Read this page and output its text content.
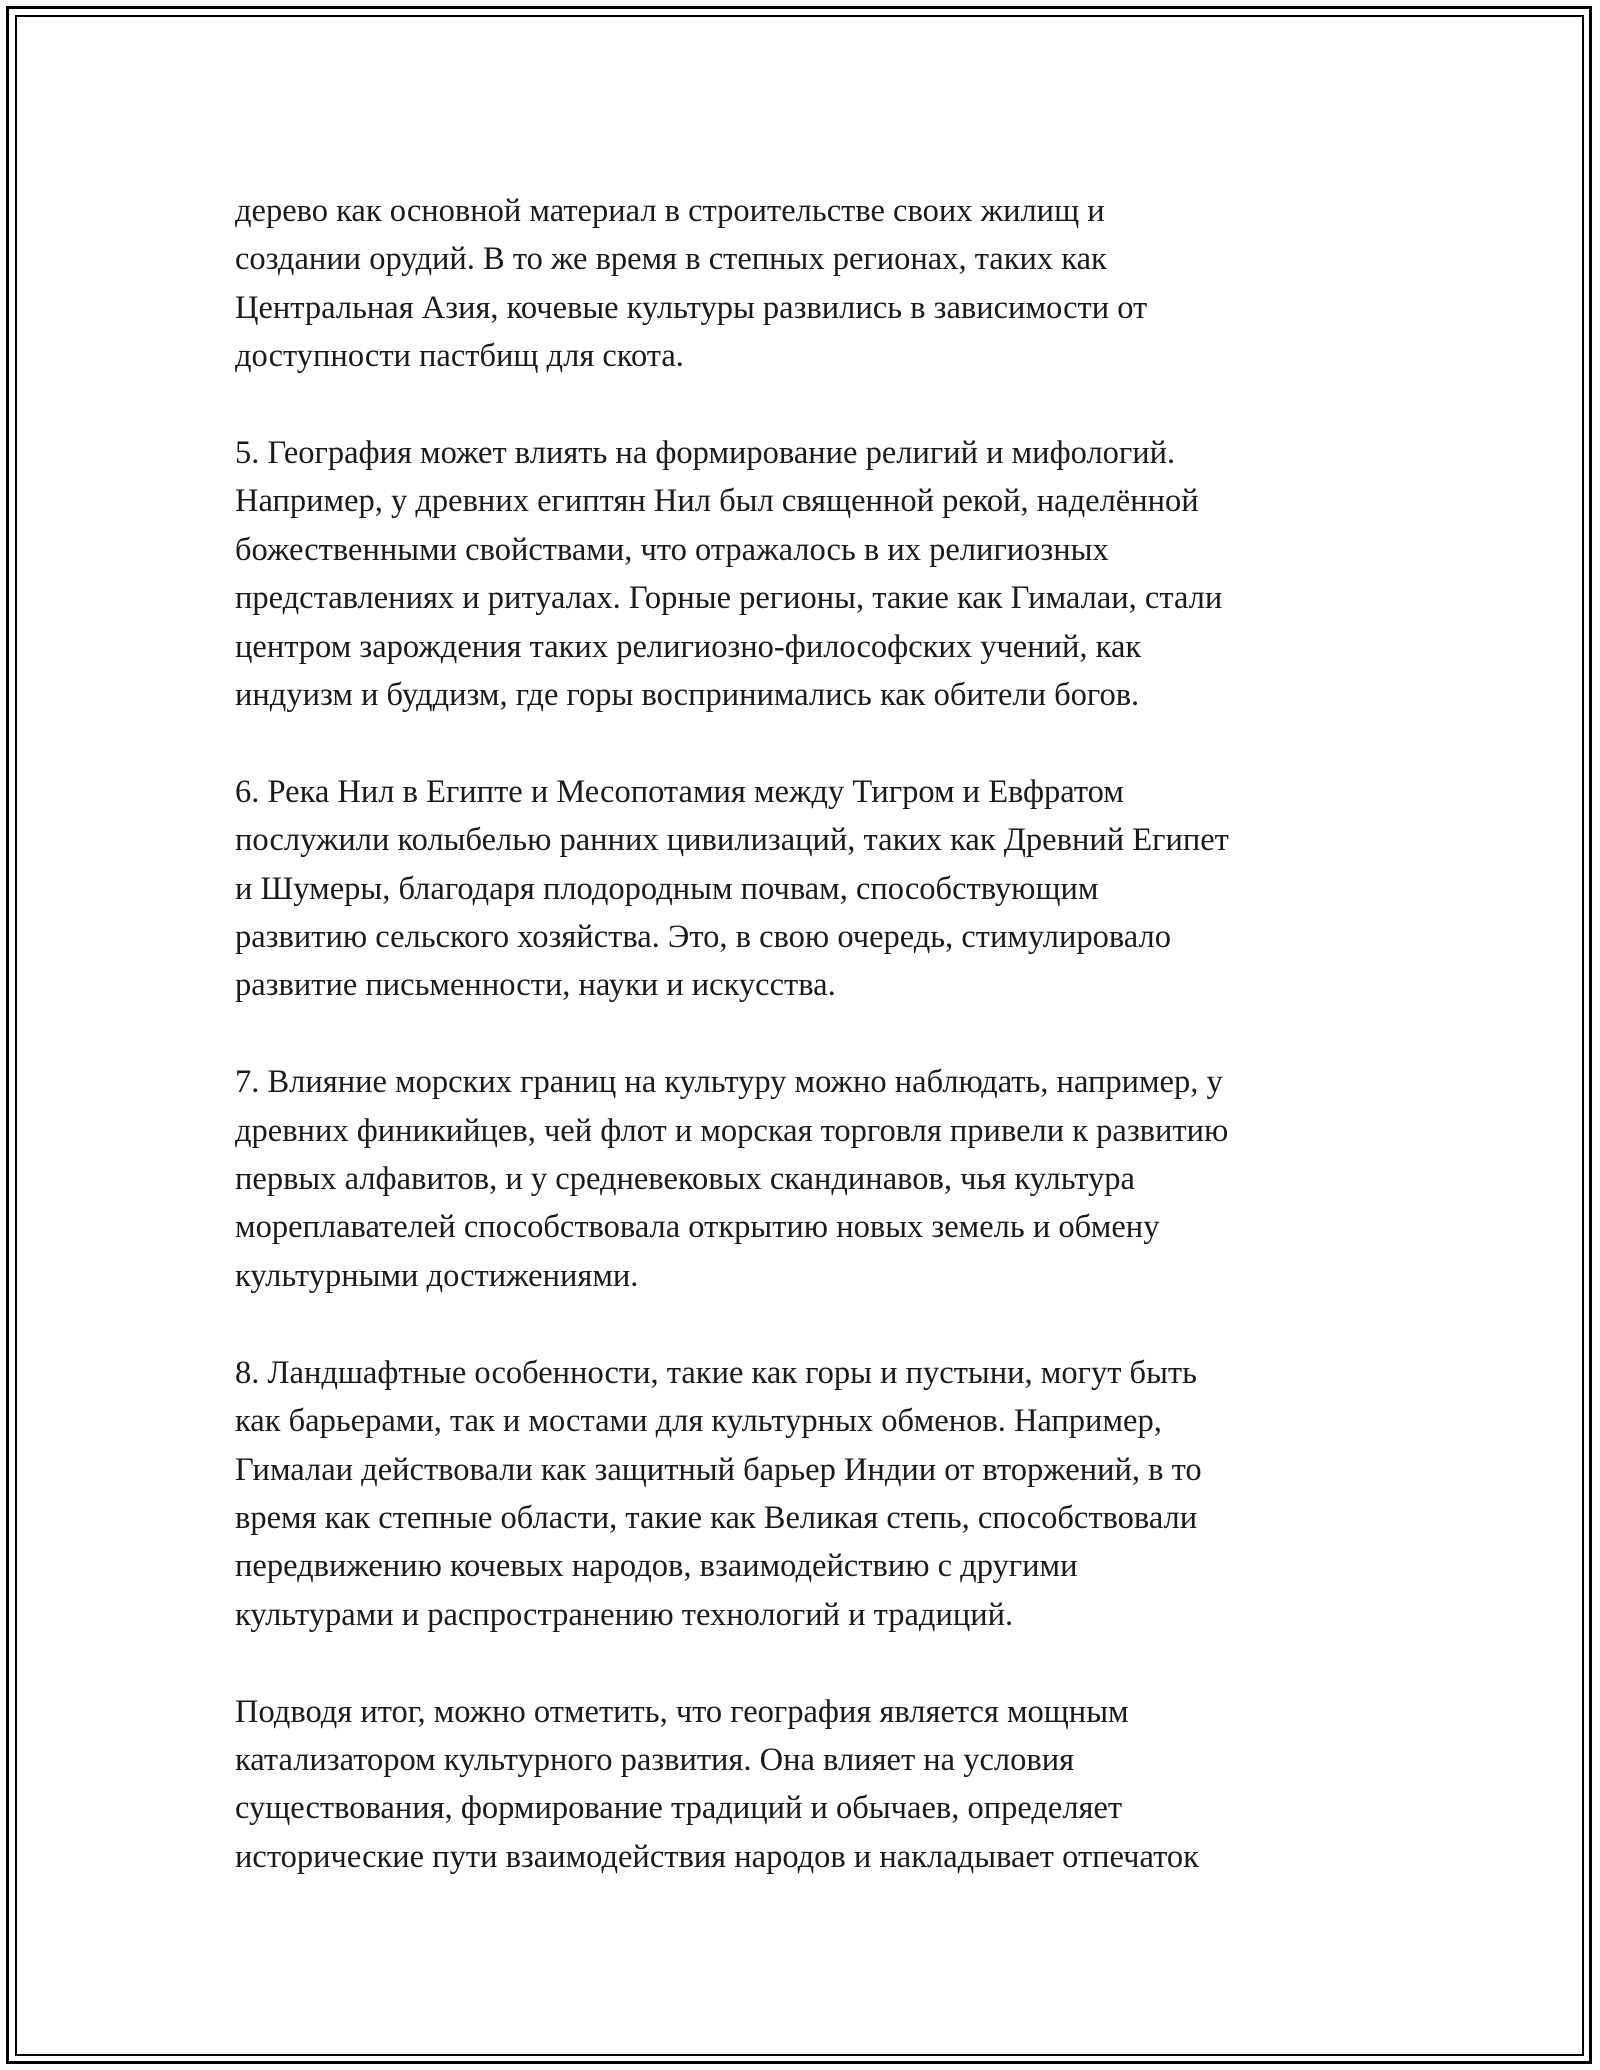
дерево как основной материал в строительстве своих жилищ и
создании орудий. В то же время в степных регионах, таких как
Центральная Азия, кочевые культуры развились в зависимости от
доступности пастбищ для скота.

5. География может влиять на формирование религий и мифологий.
Например, у древних египтян Нил был священной рекой, наделённой
божественными свойствами, что отражалось в их религиозных
представлениях и ритуалах. Горные регионы, такие как Гималаи, стали
центром зарождения таких религиозно-философских учений, как
индуизм и буддизм, где горы воспринимались как обители богов.

6. Река Нил в Египте и Месопотамия между Тигром и Евфратом
послужили колыбелью ранних цивилизаций, таких как Древний Египет
и Шумеры, благодаря плодородным почвам, способствующим
развитию сельского хозяйства. Это, в свою очередь, стимулировало
развитие письменности, науки и искусства.

7. Влияние морских границ на культуру можно наблюдать, например, у
древних финикийцев, чей флот и морская торговля привели к развитию
первых алфавитов, и у средневековых скандинавов, чья культура
мореплавателей способствовала открытию новых земель и обмену
культурными достижениями.

8. Ландшафтные особенности, такие как горы и пустыни, могут быть
как барьерами, так и мостами для культурных обменов. Например,
Гималаи действовали как защитный барьер Индии от вторжений, в то
время как степные области, такие как Великая степь, способствовали
передвижению кочевых народов, взаимодействию с другими
культурами и распространению технологий и традиций.

Подводя итог, можно отметить, что география является мощным
катализатором культурного развития. Она влияет на условия
существования, формирование традиций и обычаев, определяет
исторические пути взаимодействия народов и накладывает отпечаток
